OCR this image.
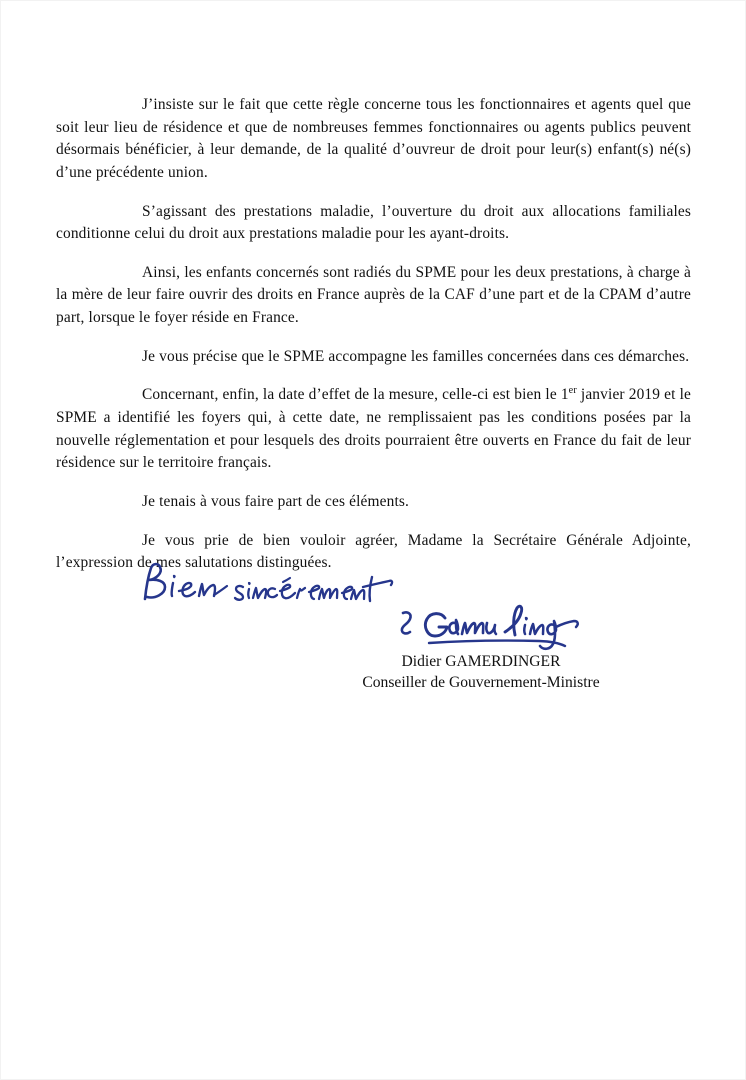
J’insiste sur le fait que cette règle concerne tous les fonctionnaires et agents quel que soit leur lieu de résidence et que de nombreuses femmes fonctionnaires ou agents publics peuvent désormais bénéficier, à leur demande, de la qualité d’ouvreur de droit pour leur(s) enfant(s) né(s) d’une précédente union.

S’agissant des prestations maladie, l’ouverture du droit aux allocations familiales conditionne celui du droit aux prestations maladie pour les ayant-droits.

Ainsi, les enfants concernés sont radiés du SPME pour les deux prestations, à charge à la mère de leur faire ouvrir des droits en France auprès de la CAF d’une part et de la CPAM d’autre part, lorsque le foyer réside en France.

Je vous précise que le SPME accompagne les familles concernées dans ces démarches.

Concernant, enfin, la date d’effet de la mesure, celle-ci est bien le 1er janvier 2019 et le SPME a identifié les foyers qui, à cette date, ne remplissaient pas les conditions posées par la nouvelle réglementation et pour lesquels des droits pourraient être ouverts en France du fait de leur résidence sur le territoire français.

Je tenais à vous faire part de ces éléments.

Je vous prie de bien vouloir agréer, Madame la Secrétaire Générale Adjointe, l’expression de mes salutations distinguées.

Didier GAMERDINGER
Conseiller de Gouvernement-Ministre
